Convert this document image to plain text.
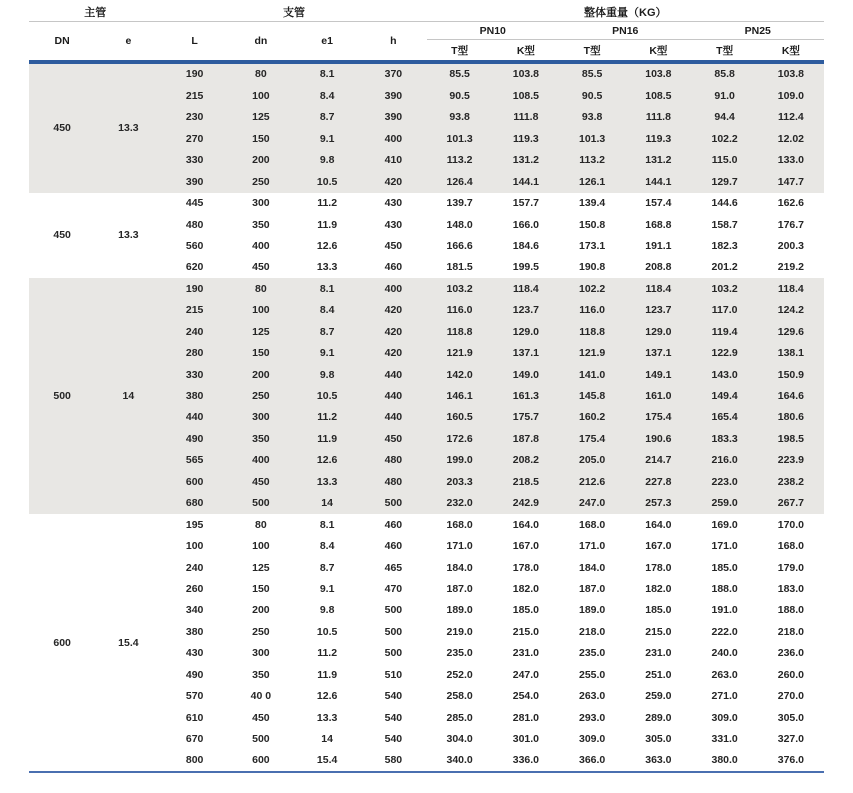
主管		支管				整体重量（KG）					
DN	e	L	dn	e1	h	PN10		PN16		PN25	
						T型	K型	T型	K型	T型	K型
450	13.3	190	80	8.1	370	85.5	103.8	85.5	103.8	85.8	103.8
		215	100	8.4	390	90.5	108.5	90.5	108.5	91.0	109.0
		230	125	8.7	390	93.8	111.8	93.8	111.8	94.4	112.4
		270	150	9.1	400	101.3	119.3	101.3	119.3	102.2	12.02
		330	200	9.8	410	113.2	131.2	113.2	131.2	115.0	133.0
		390	250	10.5	420	126.4	144.1	126.1	144.1	129.7	147.7
450	13.3	445	300	11.2	430	139.7	157.7	139.4	157.4	144.6	162.6
		480	350	11.9	430	148.0	166.0	150.8	168.8	158.7	176.7
		560	400	12.6	450	166.6	184.6	173.1	191.1	182.3	200.3
		620	450	13.3	460	181.5	199.5	190.8	208.8	201.2	219.2
500	14	190	80	8.1	400	103.2	118.4	102.2	118.4	103.2	118.4
		215	100	8.4	420	116.0	123.7	116.0	123.7	117.0	124.2
		240	125	8.7	420	118.8	129.0	118.8	129.0	119.4	129.6
		280	150	9.1	420	121.9	137.1	121.9	137.1	122.9	138.1
		330	200	9.8	440	142.0	149.0	141.0	149.1	143.0	150.9
		380	250	10.5	440	146.1	161.3	145.8	161.0	149.4	164.6
		440	300	11.2	440	160.5	175.7	160.2	175.4	165.4	180.6
		490	350	11.9	450	172.6	187.8	175.4	190.6	183.3	198.5
		565	400	12.6	480	199.0	208.2	205.0	214.7	216.0	223.9
		600	450	13.3	480	203.3	218.5	212.6	227.8	223.0	238.2
		680	500	14	500	232.0	242.9	247.0	257.3	259.0	267.7
600	15.4	195	80	8.1	460	168.0	164.0	168.0	164.0	169.0	170.0
		100	100	8.4	460	171.0	167.0	171.0	167.0	171.0	168.0
		240	125	8.7	465	184.0	178.0	184.0	178.0	185.0	179.0
		260	150	9.1	470	187.0	182.0	187.0	182.0	188.0	183.0
		340	200	9.8	500	189.0	185.0	189.0	185.0	191.0	188.0
		380	250	10.5	500	219.0	215.0	218.0	215.0	222.0	218.0
		430	300	11.2	500	235.0	231.0	235.0	231.0	240.0	236.0
		490	350	11.9	510	252.0	247.0	255.0	251.0	263.0	260.0
		570	40 0	12.6	540	258.0	254.0	263.0	259.0	271.0	270.0
		610	450	13.3	540	285.0	281.0	293.0	289.0	309.0	305.0
		670	500	14	540	304.0	301.0	309.0	305.0	331.0	327.0
		800	600	15.4	580	340.0	336.0	366.0	363.0	380.0	376.0
